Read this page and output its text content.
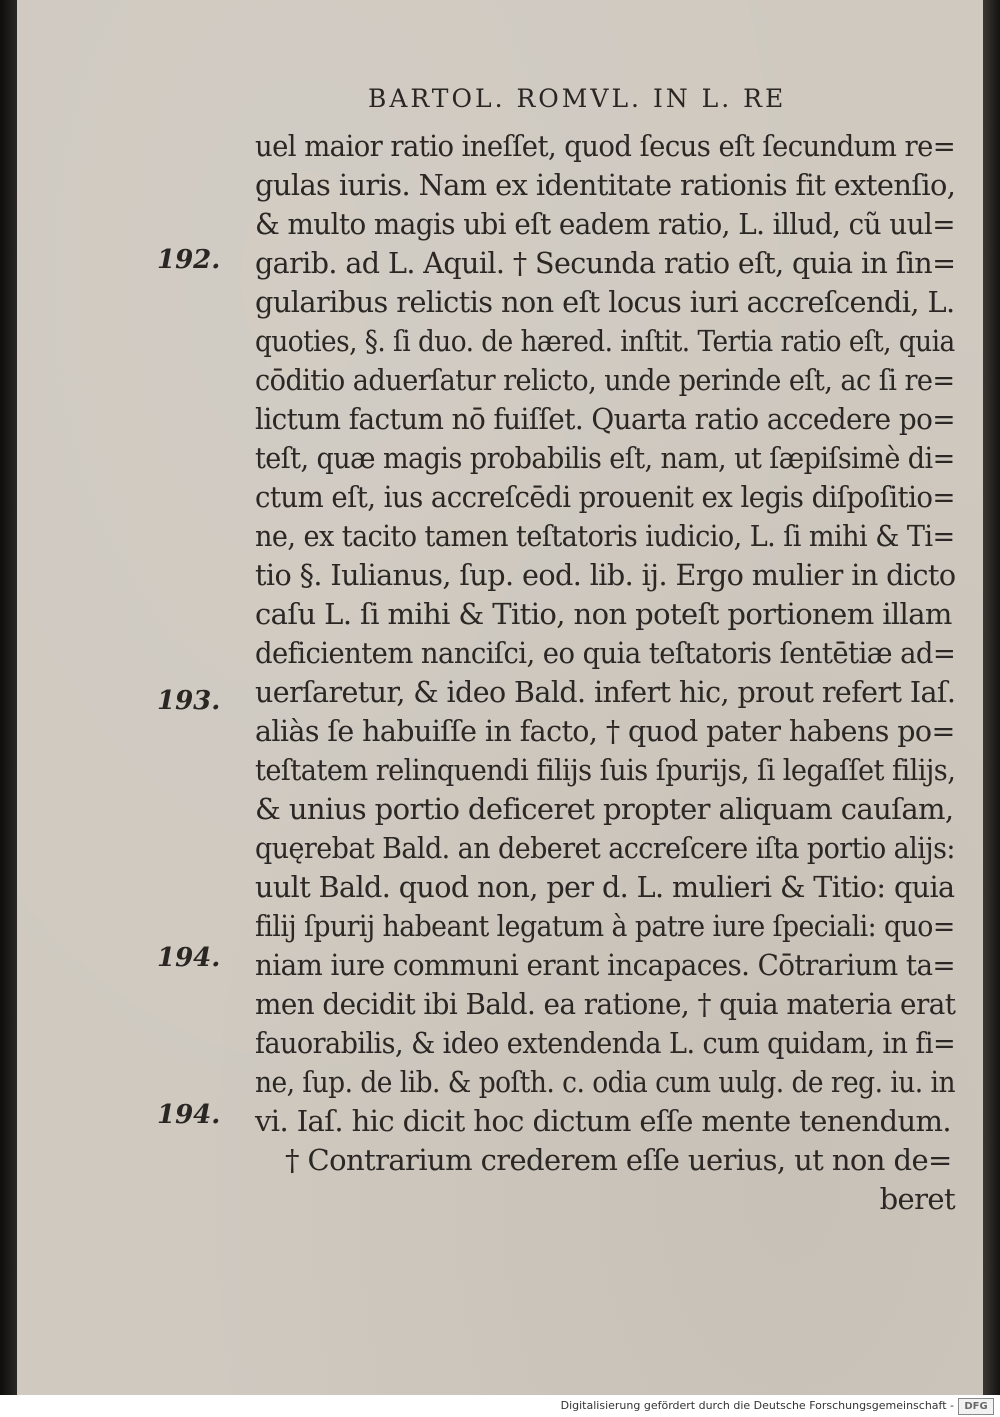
BARTOL. ROMVL. IN L. RE
192.
193.
194.
194.
uel maior ratio ineſſet, quod ſecus eſt ſecundum re=
gulas iuris. Nam ex identitate rationis fit extenſio,
& multo magis ubi eſt eadem ratio, L. illud, cũ uul=
garib. ad L. Aquil. † Secunda ratio eſt, quia in ſin=
gularibus relictis non eſt locus iuri accreſcendi, L.
quoties, §. ſi duo. de hæred. inſtit. Tertia ratio eſt, quia
cōditio aduerſatur relicto, unde perinde eſt, ac ſi re=
lictum factum nō fuiſſet. Quarta ratio accedere po=
teſt, quæ magis probabilis eſt, nam, ut ſæpiſsimè di=
ctum eſt, ius accreſcēdi prouenit ex legis diſpoſitio=
ne, ex tacito tamen teſtatoris iudicio, L. ſi mihi & Ti=
tio §. Iulianus, ſup. eod. lib. ij. Ergo mulier in dicto
caſu L. ſi mihi & Titio, non poteſt portionem illam
deficientem nanciſci, eo quia teſtatoris ſentētiæ ad=
uerſaretur, & ideo Bald. infert hic, prout refert Iaſ.
aliàs ſe habuiſſe in facto, † quod pater habens po=
teſtatem relinquendi filijs ſuis ſpurijs, ſi legaſſet filijs,
& unius portio deficeret propter aliquam cauſam,
quęrebat Bald. an deberet accreſcere iſta portio alijs:
uult Bald. quod non, per d. L. mulieri & Titio: quia
filij ſpurij habeant legatum à patre iure ſpeciali: quo=
niam iure communi erant incapaces. Cōtrarium ta=
men decidit ibi Bald. ea ratione, † quia materia erat
fauorabilis, & ideo extendenda L. cum quidam, in fi=
ne, ſup. de lib. & poſth. c. odia cum uulg. de reg. iu. in
vi. Iaſ. hic dicit hoc dictum eſſe mente tenendum.
† Contrarium crederem eſſe uerius, ut non de=
beret
Digitalisierung gefördert durch die Deutsche Forschungsgemeinschaft -	DFG
